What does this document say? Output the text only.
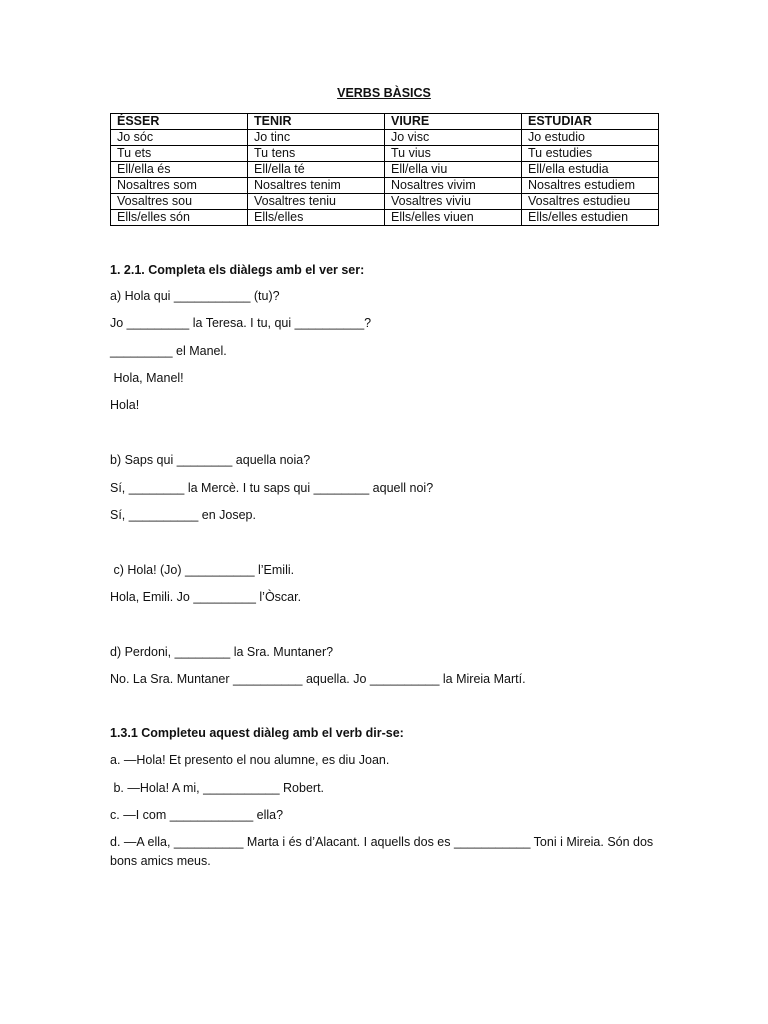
VERBS BÀSICS
ÉSSER	TENIR	VIURE	ESTUDIAR
Jo sóc	Jo tinc	Jo visc	Jo estudio
Tu ets	Tu tens	Tu vius	Tu estudies
Ell/ella és	Ell/ella té	Ell/ella viu	Ell/ella estudia
Nosaltres som	Nosaltres tenim	Nosaltres vivim	Nosaltres estudiem
Vosaltres sou	Vosaltres teniu	Vosaltres viviu	Vosaltres estudieu
Ells/elles són	Ells/elles	Ells/elles viuen	Ells/elles estudien
1. 2.1. Completa els diàlegs amb el ver ser:
a) Hola qui ___________ (tu)?
Jo _________ la Teresa. I tu, qui __________?
_________ el Manel.
Hola, Manel!
Hola!
b) Saps qui ________ aquella noia?
Sí, ________ la Mercè. I tu saps qui ________ aquell noi?
Sí, __________ en Josep.
c) Hola! (Jo) __________ l’Emili.
Hola, Emili. Jo _________ l’Òscar.
d) Perdoni, ________ la Sra. Muntaner?
No. La Sra. Muntaner __________ aquella. Jo __________ la Mireia Martí.
1.3.1 Completeu aquest diàleg amb el verb dir-se:
a. —Hola! Et presento el nou alumne, es diu Joan.
b. —Hola! A mi, ___________ Robert.
c. —I com ____________ ella?
d. —A ella, __________ Marta i és d’Alacant. I aquells dos es ___________ Toni i Mireia. Són dos bons amics meus.
